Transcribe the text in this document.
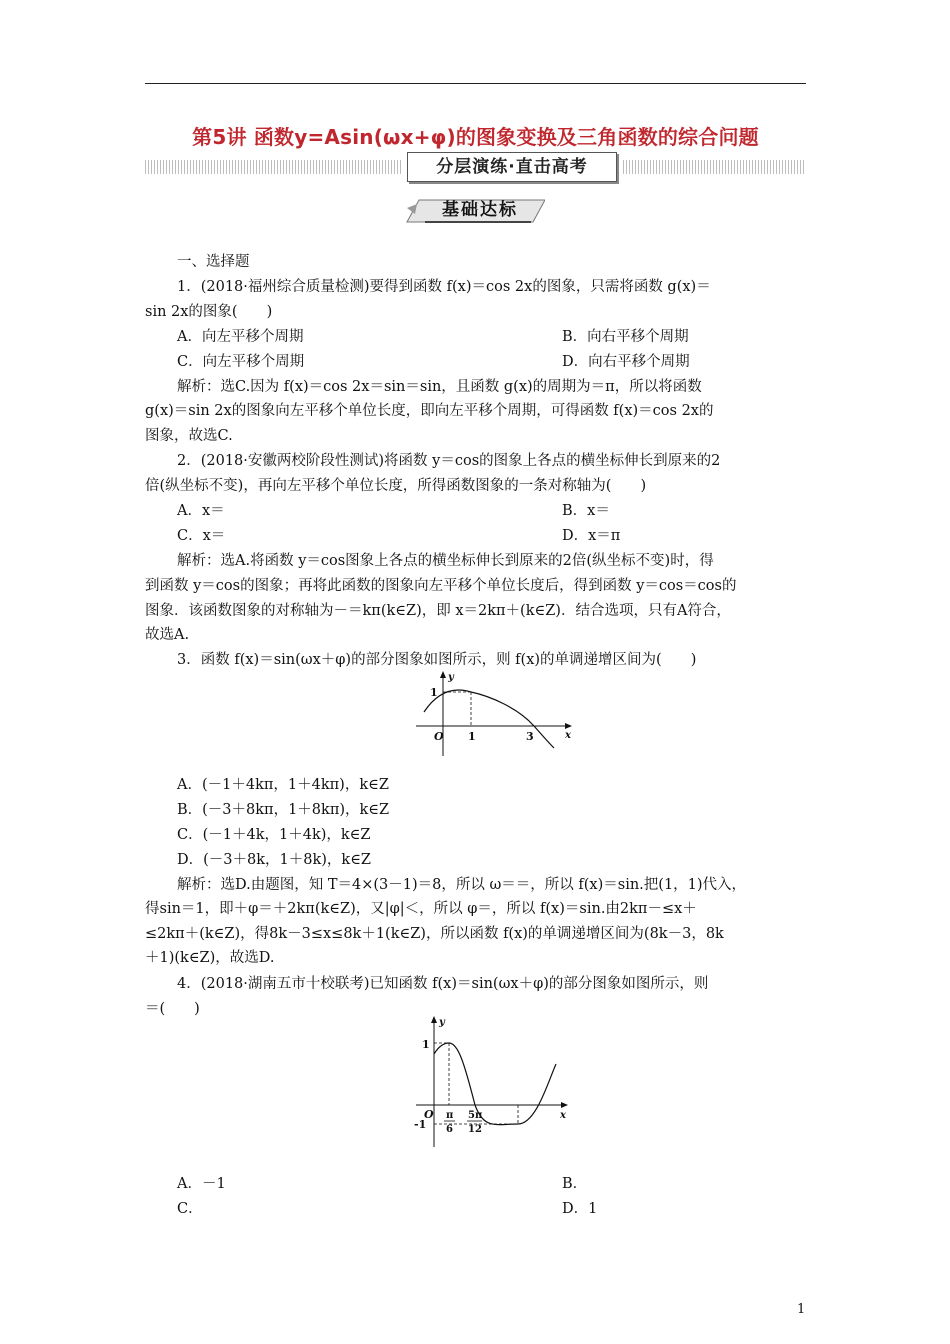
第5讲 函数y=Asin(ωx+φ)的图象变换及三角函数的综合问题
分层演练·直击高考
基础达标
一、选择题
1．(2018·福州综合质量检测)要得到函数 f(x)＝cos 2x的图象，只需将函数 g(x)＝
sin 2x的图象(　　)
A．向左平移个周期	B．向右平移个周期
C．向左平移个周期	D．向右平移个周期
解析：选C.因为 f(x)＝cos 2x＝sin＝sin，且函数 g(x)的周期为＝π，所以将函数
g(x)＝sin 2x的图象向左平移个单位长度，即向左平移个周期，可得函数 f(x)＝cos 2x的
图象，故选C.
2．(2018·安徽两校阶段性测试)将函数 y＝cos的图象上各点的横坐标伸长到原来的2
倍(纵坐标不变)，再向左平移个单位长度，所得函数图象的一条对称轴为(　　)
A．x＝	B．x＝
C．x＝	D．x＝π
解析：选A.将函数 y＝cos图象上各点的横坐标伸长到原来的2倍(纵坐标不变)时，得
到函数 y＝cos的图象；再将此函数的图象向左平移个单位长度后，得到函数 y＝cos＝cos的
图象．该函数图象的对称轴为－＝kπ(k∈Z)，即 x＝2kπ＋(k∈Z)．结合选项，只有A符合，
故选A.
3．函数 f(x)＝sin(ωx＋φ)的部分图象如图所示，则 f(x)的单调递增区间为(　　)
O
1
1	3
y
x
A．(－1＋4kπ，1＋4kπ)，k∈Z
B．(－3＋8kπ，1＋8kπ)，k∈Z
C．(－1＋4k，1＋4k)，k∈Z
D．(－3＋8k，1＋8k)，k∈Z
解析：选D.由题图，知 T＝4×(3－1)＝8，所以 ω＝＝，所以 f(x)＝sin.把(1，1)代入，
得sin＝1，即＋φ＝＋2kπ(k∈Z)，又|φ|＜，所以 φ＝，所以 f(x)＝sin.由2kπ－≤x＋
≤2kπ＋(k∈Z)，得8k－3≤x≤8k＋1(k∈Z)，所以函数 f(x)的单调递增区间为(8k－3，8k
＋1)(k∈Z)，故选D.
4．(2018·湖南五市十校联考)已知函数 f(x)＝sin(ωx＋φ)的部分图象如图所示，则
＝(　　)
O
1
-1
π
6
5π
12
y
x
A．－1	B．
C．	D．1
1
